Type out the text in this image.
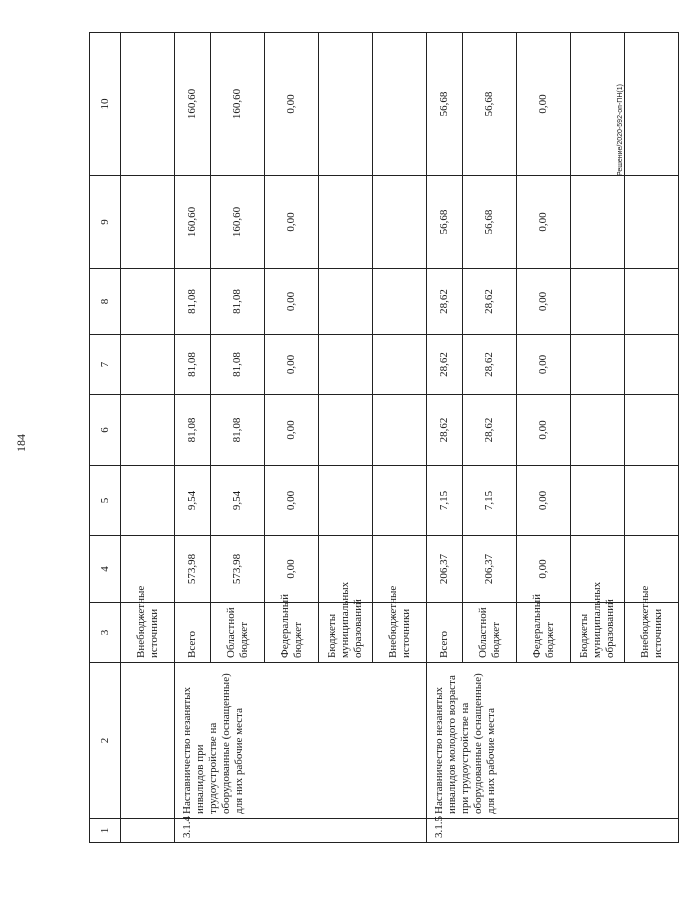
184
Решение/2020-592-оп-ПН(1)
1	2	3	4	5	6	7	8	9	10
		Внебюджетные источники							
3.1.4	Наставничество незанятых инвалидов при трудоустройстве на оборудованные (оснащенные) для них рабочие места	Всего	573,98	9,54	81,08	81,08	81,08	160,60	160,60
		Областной бюджет	573,98	9,54	81,08	81,08	81,08	160,60	160,60
		Федеральный бюджет	0,00	0,00	0,00	0,00	0,00	0,00	0,00
		Бюджеты муниципальных образований							
		Внебюджетные источники							
3.1.5	Наставничество незанятых инвалидов молодого возраста при трудоустройстве на оборудованные (оснащенные) для них рабочие места	Всего	206,37	7,15	28,62	28,62	28,62	56,68	56,68
		Областной бюджет	206,37	7,15	28,62	28,62	28,62	56,68	56,68
		Федеральный бюджет	0,00	0,00	0,00	0,00	0,00	0,00	0,00
		Бюджеты муниципальных образований							
		Внебюджетные источники							
